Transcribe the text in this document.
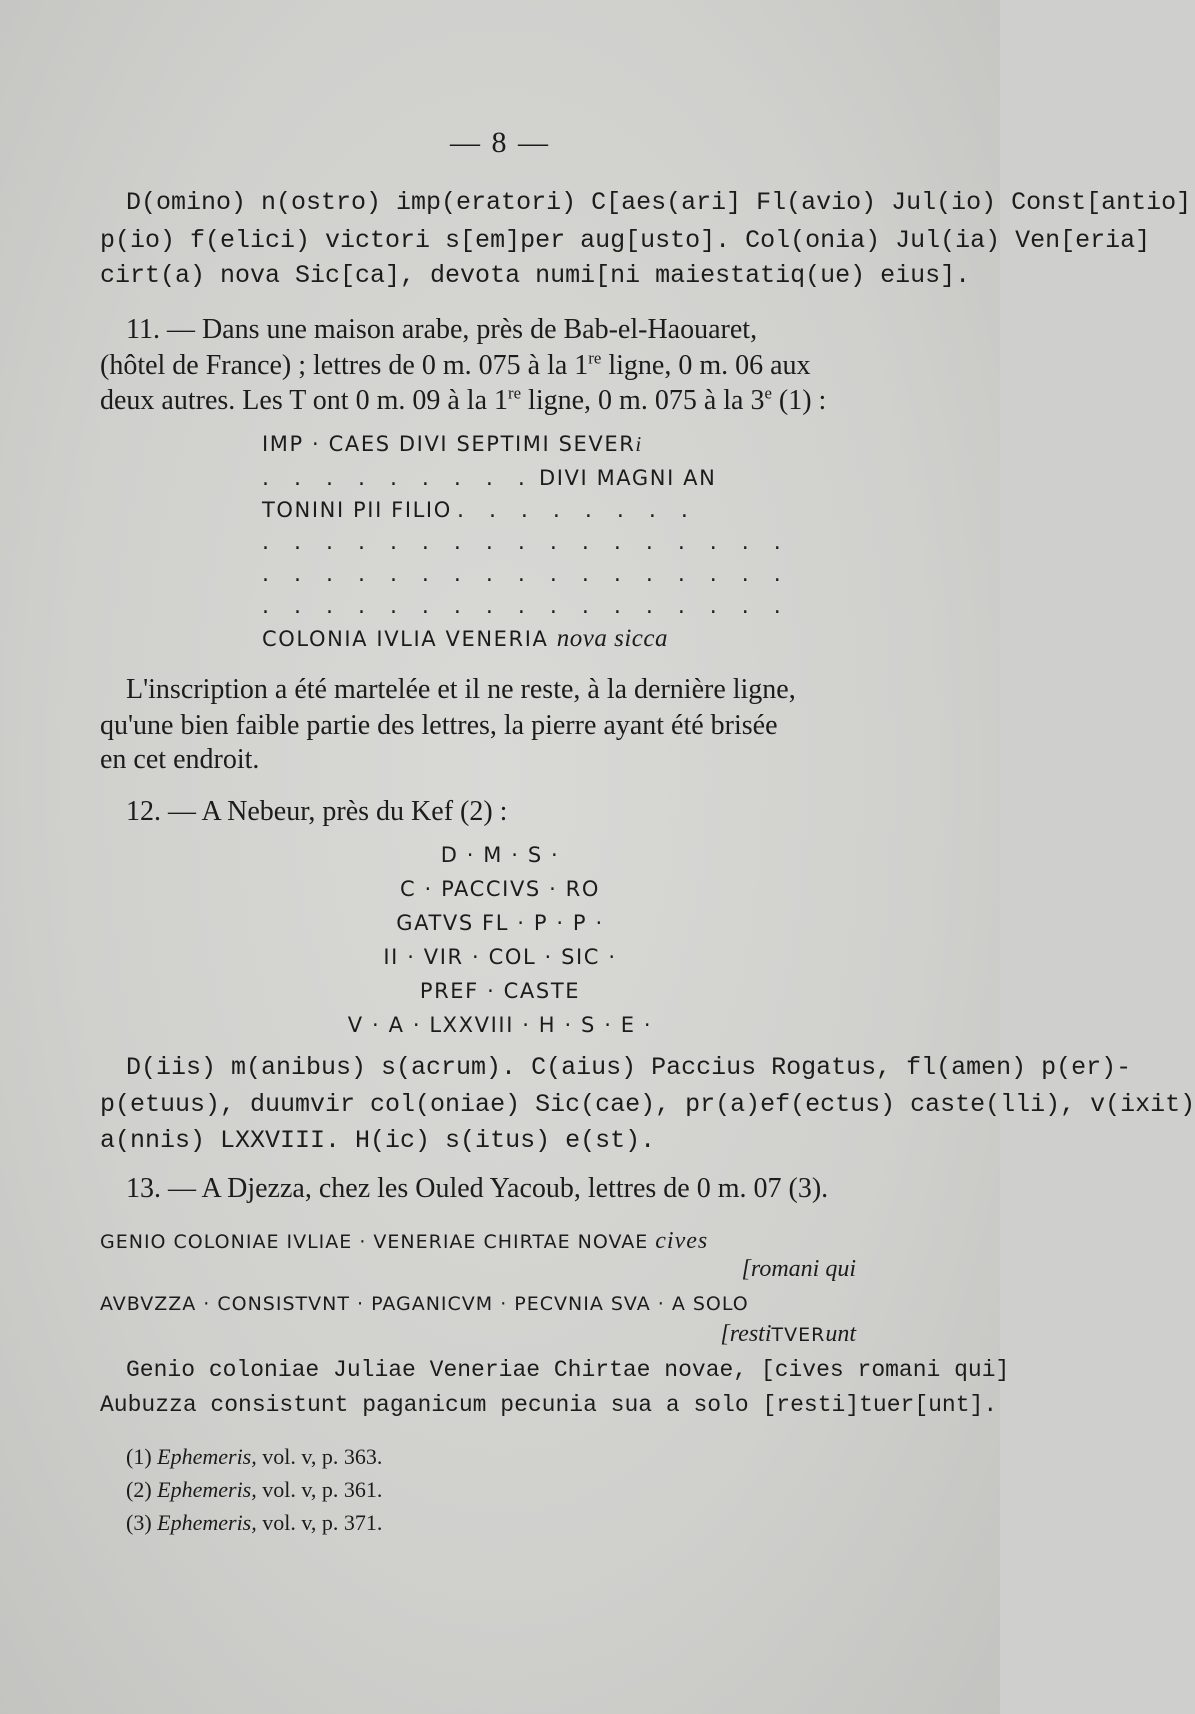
— 8 —
D(omino) n(ostro) imp(eratori) C[aes(ari] Fl(avio) Jul(io) Const[antio]
p(io) f(elici) victori s[em]per aug[usto]. Col(onia) Jul(ia) Ven[eria]
cirt(a) nova Sic[ca], devota numi[ni maiestatiq(ue) eius].
11. — Dans une maison arabe, près de Bab-el-Haouaret,
(hôtel de France) ; lettres de 0 m. 075 à la 1re ligne, 0 m. 06 aux
deux autres. Les T ont 0 m. 09 à la 1re ligne, 0 m. 075 à la 3e (1) :
IMP · CAES DIVI SEPTIMI SEVERi
. . . . . . . . . DIVI MAGNI AN
TONINI PII FILIO . . . . . . . .
. . . . . . . . . . . . . . . . .
. . . . . . . . . . . . . . . . .
. . . . . . . . . . . . . . . . .
COLONIA IVLIA VENERIA nova sicca
L'inscription a été martelée et il ne reste, à la dernière ligne,
qu'une bien faible partie des lettres, la pierre ayant été brisée
en cet endroit.
12. — A Nebeur, près du Kef (2) :
D · M · S ·
C · PACCIVS · RO
GATVS FL · P · P ·
II · VIR · COL · SIC ·
PREF · CASTE
V · A · LXXVIII · H · S · E ·
D(iis) m(anibus) s(acrum). C(aius) Paccius Rogatus, fl(amen) p(er)-
p(etuus), duumvir col(oniae) Sic(cae), pr(a)ef(ectus) caste(lli), v(ixit)
a(nnis) LXXVIII. H(ic) s(itus) e(st).
13. — A Djezza, chez les Ouled Yacoub, lettres de 0 m. 07 (3).
GENIO COLONIAE IVLIAE · VENERIAE CHIRTAE NOVAE cives
[romani qui
AVBVZZA · CONSISTVNT · PAGANICVM · PECVNIA SVA · A SOLO
[restiTVERunt
Genio coloniae Juliae Veneriae Chirtae novae, [cives romani qui]
Aubuzza consistunt paganicum pecunia sua a solo [resti]tuer[unt].
(1) Ephemeris, vol. v, p. 363.
(2) Ephemeris, vol. v, p. 361.
(3) Ephemeris, vol. v, p. 371.
